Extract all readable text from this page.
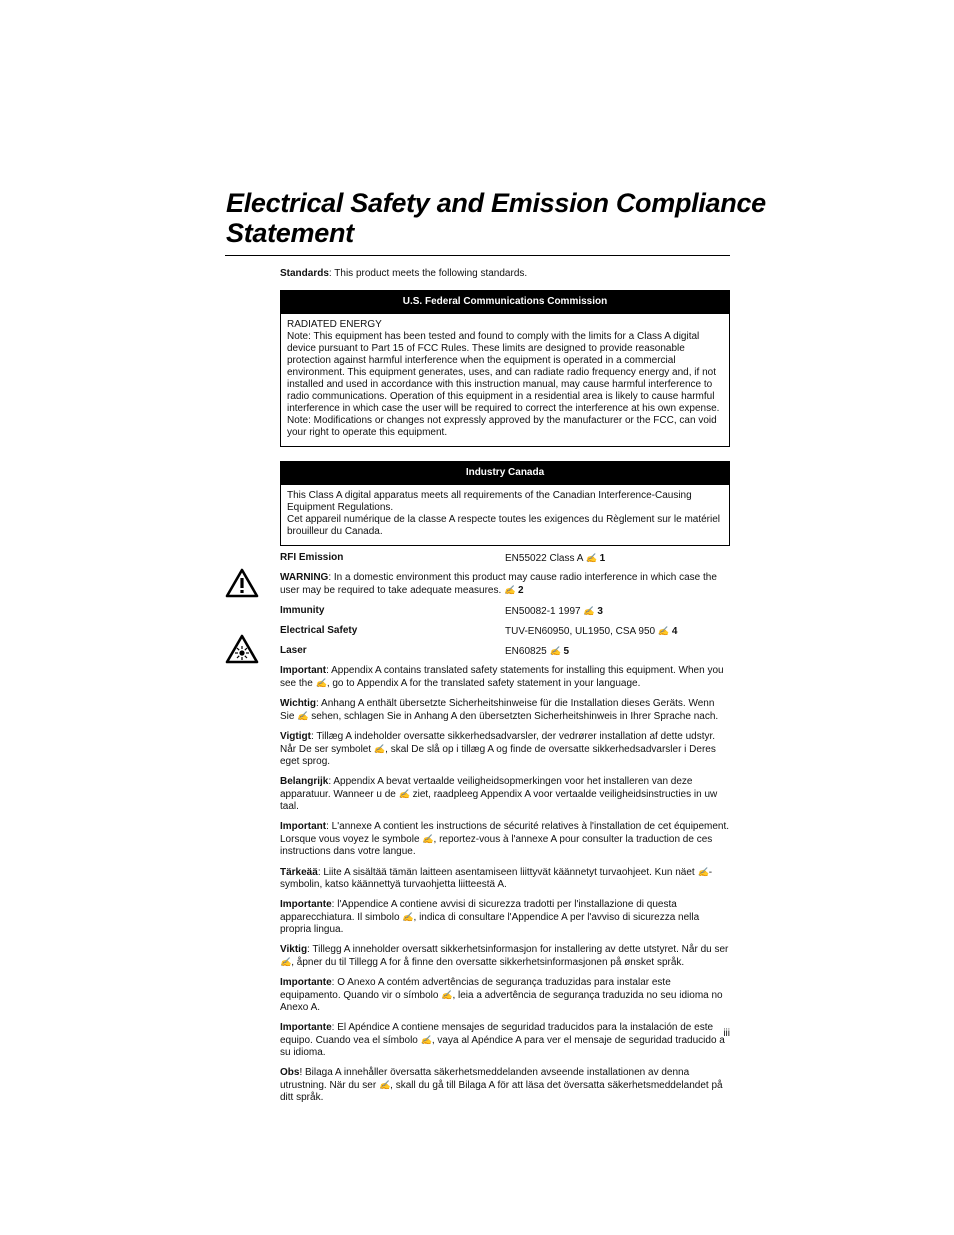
Electrical Safety and Emission Compliance Statement

Standards: This product meets the following standards.

U.S. Federal Communications Commission

RADIATED ENERGY

Note: This equipment has been tested and found to comply with the limits for a Class A digital device pursuant to Part 15 of FCC Rules. These limits are designed to provide reasonable protection against harmful interference when the equipment is operated in a commercial environment. This equipment generates, uses, and can radiate radio frequency energy and, if not installed and used in accordance with this instruction manual, may cause harmful interference to radio communications. Operation of this equipment in a residential area is likely to cause harmful interference in which case the user will be required to correct the interference at his own expense.

Note: Modifications or changes not expressly approved by the manufacturer or the FCC, can void your right to operate this equipment.

Industry Canada

This Class A digital apparatus meets all requirements of the Canadian Interference-Causing Equipment Regulations.

Cet appareil numérique de la classe A respecte toutes les exigences du Règlement sur le matériel brouilleur du Canada.

RFI Emission	EN55022 Class A ✍ 1

WARNING: In a domestic environment this product may cause radio interference in which case the user may be required to take adequate measures. ✍ 2

Immunity	EN50082-1 1997 ✍ 3
Electrical Safety	TUV-EN60950, UL1950, CSA 950 ✍ 4
Laser	EN60825 ✍ 5

Important: Appendix A contains translated safety statements for installing this equipment. When you see the ✍, go to Appendix A for the translated safety statement in your language.

Wichtig: Anhang A enthält übersetzte Sicherheitshinweise für die Installation dieses Geräts. Wenn Sie ✍ sehen, schlagen Sie in Anhang A den übersetzten Sicherheitshinweis in Ihrer Sprache nach.

Vigtigt: Tillæg A indeholder oversatte sikkerhedsadvarsler, der vedrører installation af dette udstyr. Når De ser symbolet ✍, skal De slå op i tillæg A og finde de oversatte sikkerhedsadvarsler i Deres eget sprog.

Belangrijk: Appendix A bevat vertaalde veiligheidsopmerkingen voor het installeren van deze apparatuur. Wanneer u de ✍ ziet, raadpleeg Appendix A voor vertaalde veiligheidsinstructies in uw taal.

Important: L'annexe A contient les instructions de sécurité relatives à l'installation de cet équipement. Lorsque vous voyez le symbole ✍, reportez-vous à l'annexe A pour consulter la traduction de ces instructions dans votre langue.

Tärkeää: Liite A sisältää tämän laitteen asentamiseen liittyvät käännetyt turvaohjeet. Kun näet ✍-symbolin, katso käännettyä turvaohjetta liitteestä A.

Importante: l'Appendice A contiene avvisi di sicurezza tradotti per l'installazione di questa apparecchiatura. Il simbolo ✍, indica di consultare l'Appendice A per l'avviso di sicurezza nella propria lingua.

Viktig: Tillegg A inneholder oversatt sikkerhetsinformasjon for installering av dette utstyret. Når du ser ✍, åpner du til Tillegg A for å finne den oversatte sikkerhetsinformasjonen på ønsket språk.

Importante: O Anexo A contém advertências de segurança traduzidas para instalar este equipamento. Quando vir o símbolo ✍, leia a advertência de segurança traduzida no seu idioma no Anexo A.

Importante: El Apéndice A contiene mensajes de seguridad traducidos para la instalación de este equipo. Cuando vea el símbolo ✍, vaya al Apéndice A para ver el mensaje de seguridad traducido a su idioma.

Obs! Bilaga A innehåller översatta säkerhetsmeddelanden avseende installationen av denna utrustning. När du ser ✍, skall du gå till Bilaga A för att läsa det översatta säkerhetsmeddelandet på ditt språk.

iii
